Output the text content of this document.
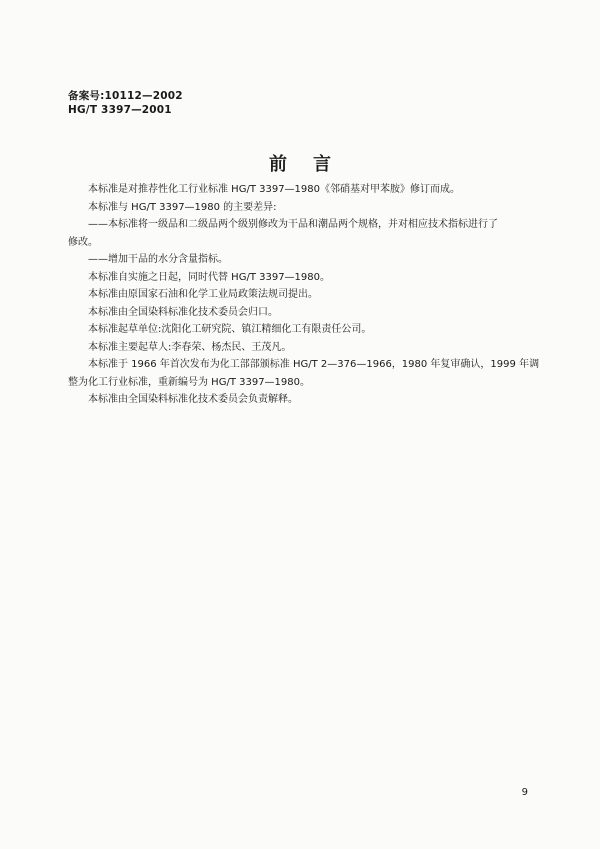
备案号:10112—2002
HG/T 3397—2001
前言

本标准是对推荐性化工行业标准 HG/T 3397—1980《邻硝基对甲苯胺》修订而成。

本标准与 HG/T 3397—1980 的主要差异:

——本标准将一级品和二级品两个级别修改为干品和潮品两个规格，并对相应技术指标进行了

修改。

——增加干品的水分含量指标。

本标准自实施之日起，同时代替 HG/T 3397—1980。

本标准由原国家石油和化学工业局政策法规司提出。

本标准由全国染料标准化技术委员会归口。

本标准起草单位:沈阳化工研究院、镇江精细化工有限责任公司。

本标准主要起草人:李春荣、杨杰民、王茂凡。

本标准于 1966 年首次发布为化工部部颁标准 HG/T 2—376—1966，1980 年复审确认，1999 年调

整为化工行业标准，重新编号为 HG/T 3397—1980。

本标准由全国染料标准化技术委员会负责解释。

9
